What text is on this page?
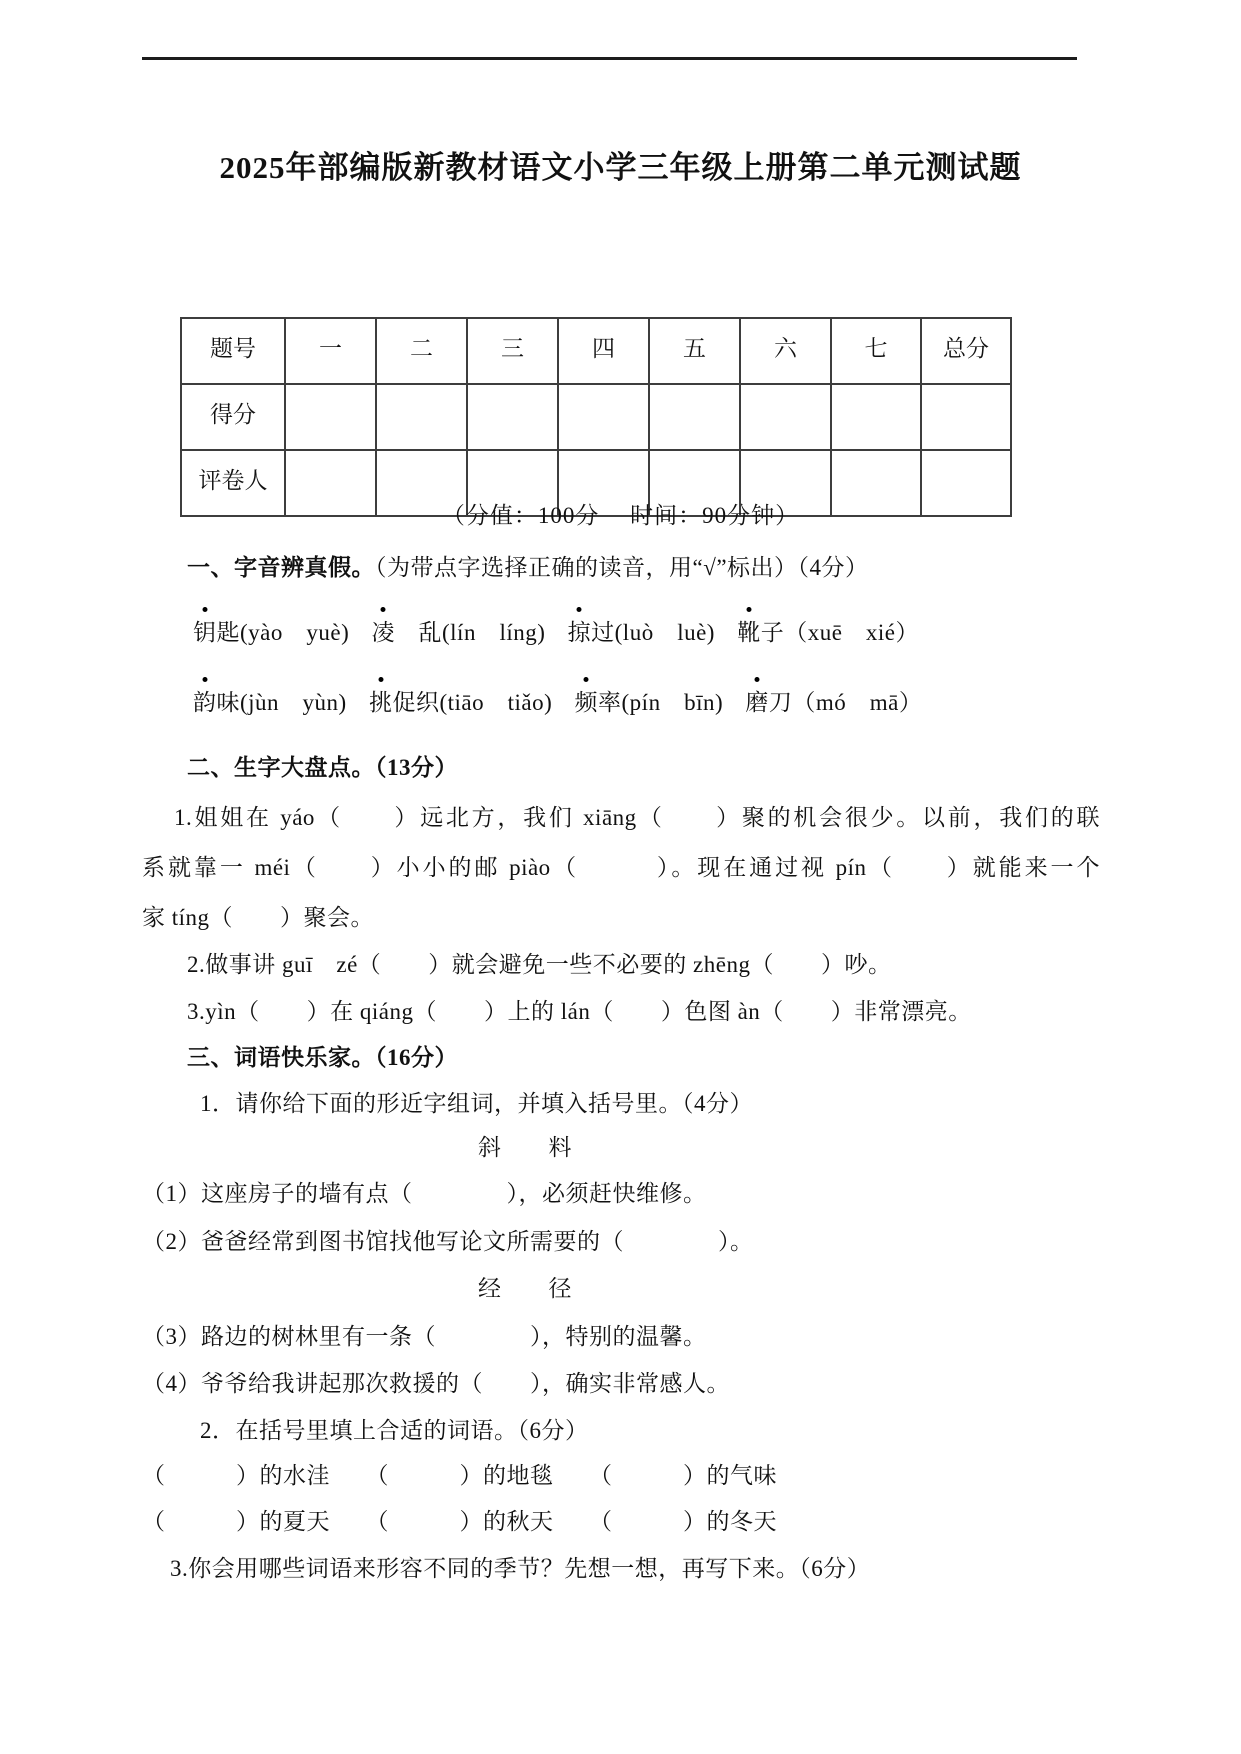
2025年部编版新教材语文小学三年级上册第二单元测试题
题号	一	二	三	四	五	六	七	总分
得分								
评卷人								
（分值：100分　 时间：90分钟）
一、字音辨真假。（为带点字选择正确的读音，用“√”标出）（4分）
钥匙(yào　yuè) 凌　乱(lín　líng) 掠过(luò　luè) 靴子（xuē　xié）
韵味(jùn　yùn) 挑促织(tiāo　tiǎo) 频率(pín　bīn) 磨刀（mó　mā）
二、生字大盘点。（13分）
1.姐姐在 yáo（　　）远北方，我们 xiāng（　　）聚的机会很少。以前，我们的联
系就靠一 méi（　　）小小的邮 piào（　　　）。现在通过视 pín（　　）就能来一个
家 tíng（　　）聚会。
2.做事讲 guī　zé（　　）就会避免一些不必要的 zhēng（　　）吵。
3.yìn（　　）在 qiáng（　　）上的 lán（　　）色图 àn（　　）非常漂亮。
三、词语快乐家。（16分）
1．请你给下面的形近字组词，并填入括号里。（4分）
斜　　料
（1）这座房子的墙有点（　　　　），必须赶快维修。
（2）爸爸经常到图书馆找他写论文所需要的（　　　　）。
经　　径
（3）路边的树林里有一条（　　　　），特别的温馨。
（4）爷爷给我讲起那次救援的（　　），确实非常感人。
2．在括号里填上合适的词语。（6分）
（　　　）的水洼　　（　　　）的地毯　　（　　　）的气味
（　　　）的夏天　　（　　　）的秋天　　（　　　）的冬天
3.你会用哪些词语来形容不同的季节？先想一想，再写下来。（6分）
